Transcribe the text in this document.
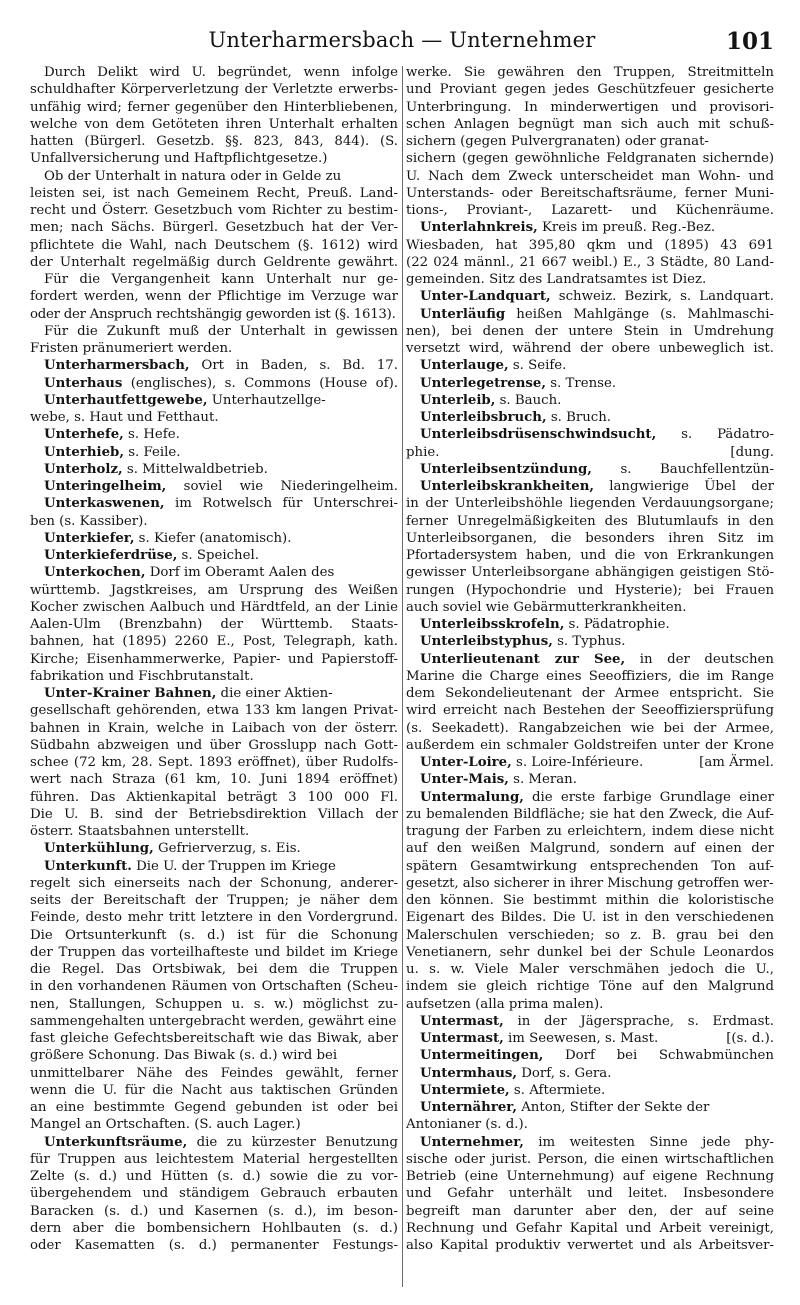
Unterharmersbach — Unternehmer	101
Durch Delikt wird U. begründet, wenn infolge
schuldhafter Körperverletzung der Verletzte erwerbs-
unfähig wird; ferner gegenüber den Hinterbliebenen,
welche von dem Getöteten ihren Unterhalt erhalten
hatten (Bürgerl. Gesetzb. §§. 823, 843, 844). (S.
Unfallversicherung und Haftpflichtgesetze.)
Ob der Unterhalt in natura oder in Gelde zu
leisten sei, ist nach Gemeinem Recht, Preuß. Land-
recht und Österr. Gesetzbuch vom Richter zu bestim-
men; nach Sächs. Bürgerl. Gesetzbuch hat der Ver-
pflichtete die Wahl, nach Deutschem (§. 1612) wird
der Unterhalt regelmäßig durch Geldrente gewährt.
Für die Vergangenheit kann Unterhalt nur ge-
fordert werden, wenn der Pflichtige im Verzuge war
oder der Anspruch rechtshängig geworden ist (§. 1613).
Für die Zukunft muß der Unterhalt in gewissen
Fristen pränumeriert werden.
Unterharmersbach, Ort in Baden, s. Bd. 17.
Unterhaus (englisches), s. Commons (House of).
Unterhautfettgewebe, Unterhautzellge-
webe, s. Haut und Fetthaut.
Unterhefe, s. Hefe.
Unterhieb, s. Feile.
Unterholz, s. Mittelwaldbetrieb.
Unteringelheim, soviel wie Niederingelheim.
Unterkaswenen, im Rotwelsch für Unterschrei-
ben (s. Kassiber).
Unterkiefer, s. Kiefer (anatomisch).
Unterkieferdrüse, s. Speichel.
Unterkochen, Dorf im Oberamt Aalen des
württemb. Jagstkreises, am Ursprung des Weißen
Kocher zwischen Aalbuch und Härdtfeld, an der Linie
Aalen-Ulm (Brenzbahn) der Württemb. Staats-
bahnen, hat (1895) 2260 E., Post, Telegraph, kath.
Kirche; Eisenhammerwerke, Papier- und Papierstoff-
fabrikation und Fischbrutanstalt.
Unter-Krainer Bahnen, die einer Aktien-
gesellschaft gehörenden, etwa 133 km langen Privat-
bahnen in Krain, welche in Laibach von der österr.
Südbahn abzweigen und über Grosslupp nach Gott-
schee (72 km, 28. Sept. 1893 eröffnet), über Rudolfs-
wert nach Straza (61 km, 10. Juni 1894 eröffnet)
führen. Das Aktienkapital beträgt 3 100 000 Fl.
Die U. B. sind der Betriebsdirektion Villach der
österr. Staatsbahnen unterstellt.
Unterkühlung, Gefrierverzug, s. Eis.
Unterkunft. Die U. der Truppen im Kriege
regelt sich einerseits nach der Schonung, anderer-
seits der Bereitschaft der Truppen; je näher dem
Feinde, desto mehr tritt letztere in den Vordergrund.
Die Ortsunterkunft (s. d.) ist für die Schonung
der Truppen das vorteilhafteste und bildet im Kriege
die Regel. Das Ortsbiwak, bei dem die Truppen
in den vorhandenen Räumen von Ortschaften (Scheu-
nen, Stallungen, Schuppen u. s. w.) möglichst zu-
sammengehalten untergebracht werden, gewährt eine
fast gleiche Gefechtsbereitschaft wie das Biwak, aber
größere Schonung. Das Biwak (s. d.) wird bei
unmittelbarer Nähe des Feindes gewählt, ferner
wenn die U. für die Nacht aus taktischen Gründen
an eine bestimmte Gegend gebunden ist oder bei
Mangel an Ortschaften. (S. auch Lager.)
Unterkunftsräume, die zu kürzester Benutzung
für Truppen aus leichtestem Material hergestellten
Zelte (s. d.) und Hütten (s. d.) sowie die zu vor-
übergehendem und ständigem Gebrauch erbauten
Baracken (s. d.) und Kasernen (s. d.), im beson-
dern aber die bombensichern Hohlbauten (s. d.)
oder Kasematten (s. d.) permanenter Festungs-
werke. Sie gewähren den Truppen, Streitmitteln
und Proviant gegen jedes Geschützfeuer gesicherte
Unterbringung. In minderwertigen und provisori-
schen Anlagen begnügt man sich auch mit schuß-
sichern (gegen Pulvergranaten) oder granat-
sichern (gegen gewöhnliche Feldgranaten sichernde)
U. Nach dem Zweck unterscheidet man Wohn- und
Unterstands- oder Bereitschaftsräume, ferner Muni-
tions-, Proviant-, Lazarett- und Küchenräume.
Unterlahnkreis, Kreis im preuß. Reg.-Bez.
Wiesbaden, hat 395,80 qkm und (1895) 43 691
(22 024 männl., 21 667 weibl.) E., 3 Städte, 80 Land-
gemeinden. Sitz des Landratsamtes ist Diez.
Unter-Landquart, schweiz. Bezirk, s. Landquart.
Unterläufig heißen Mahlgänge (s. Mahlmaschi-
nen), bei denen der untere Stein in Umdrehung
versetzt wird, während der obere unbeweglich ist.
Unterlauge, s. Seife.
Unterlegetrense, s. Trense.
Unterleib, s. Bauch.
Unterleibsbruch, s. Bruch.
Unterleibsdrüsenschwindsucht, s. Pädatro-
phie.	[dung.
Unterleibsentzündung, s. Bauchfellentzün-
Unterleibskrankheiten, langwierige Übel der
in der Unterleibshöhle liegenden Verdauungsorgane;
ferner Unregelmäßigkeiten des Blutumlaufs in den
Unterleibsorganen, die besonders ihren Sitz im
Pfortadersystem haben, und die von Erkrankungen
gewisser Unterleibsorgane abhängigen geistigen Stö-
rungen (Hypochondrie und Hysterie); bei Frauen
auch soviel wie Gebärmutterkrankheiten.
Unterleibsskrofeln, s. Pädatrophie.
Unterleibstyphus, s. Typhus.
Unterlieutenant zur See, in der deutschen
Marine die Charge eines Seeoffiziers, die im Range
dem Sekondelieutenant der Armee entspricht. Sie
wird erreicht nach Bestehen der Seeoffiziersprüfung
(s. Seekadett). Rangabzeichen wie bei der Armee,
außerdem ein schmaler Goldstreifen unter der Krone
Unter-Loire, s. Loire-Inférieure.	[am Ärmel.
Unter-Mais, s. Meran.
Untermalung, die erste farbige Grundlage einer
zu bemalenden Bildfläche; sie hat den Zweck, die Auf-
tragung der Farben zu erleichtern, indem diese nicht
auf den weißen Malgrund, sondern auf einen der
spätern Gesamtwirkung entsprechenden Ton auf-
gesetzt, also sicherer in ihrer Mischung getroffen wer-
den können. Sie bestimmt mithin die koloristische
Eigenart des Bildes. Die U. ist in den verschiedenen
Malerschulen verschieden; so z. B. grau bei den
Venetianern, sehr dunkel bei der Schule Leonardos
u. s. w. Viele Maler verschmähen jedoch die U.,
indem sie gleich richtige Töne auf den Malgrund
aufsetzen (alla prima malen).
Untermast, in der Jägersprache, s. Erdmast.
Untermast, im Seewesen, s. Mast.	[(s. d.).
Untermeitingen, Dorf bei Schwabmünchen
Untermhaus, Dorf, s. Gera.
Untermiete, s. Aftermiete.
Unternährer, Anton, Stifter der Sekte der
Antonianer (s. d.).
Unternehmer, im weitesten Sinne jede phy-
sische oder jurist. Person, die einen wirtschaftlichen
Betrieb (eine Unternehmung) auf eigene Rechnung
und Gefahr unterhält und leitet. Insbesondere
begreift man darunter aber den, der auf seine
Rechnung und Gefahr Kapital und Arbeit vereinigt,
also Kapital produktiv verwertet und als Arbeitsver-
